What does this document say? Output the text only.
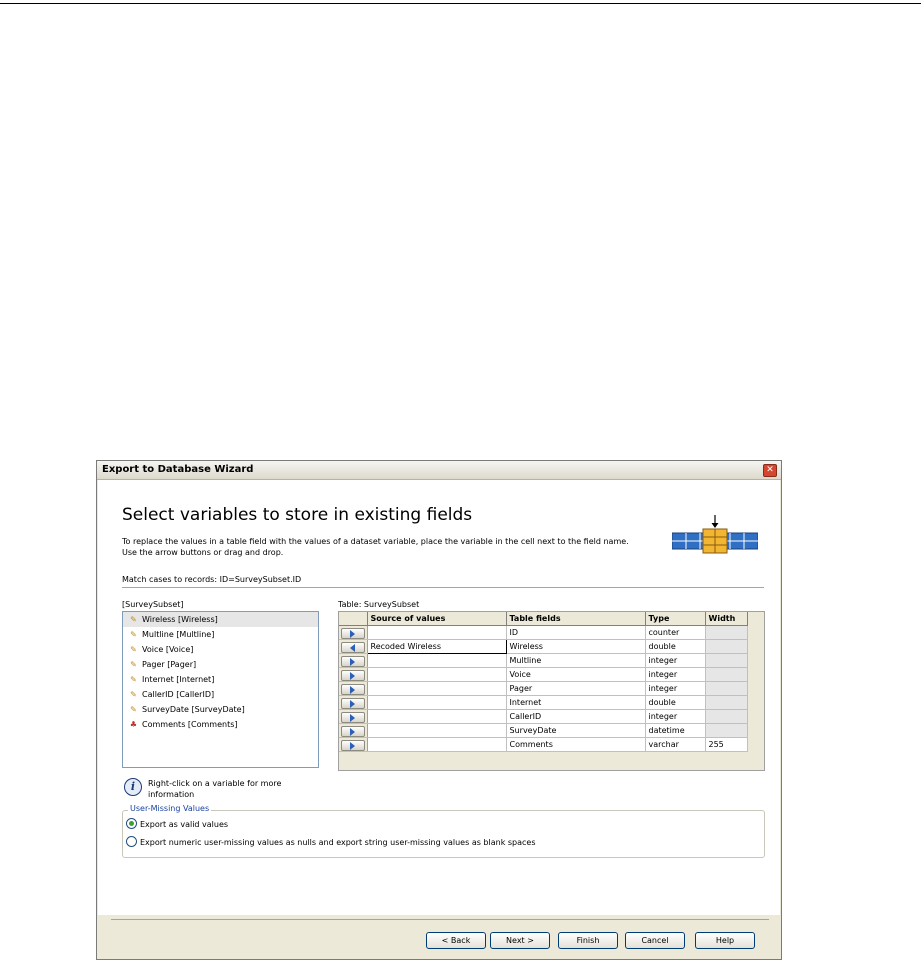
Export to Database Wizard	✕
Select variables to store in existing fields
To replace the values in a table field with the values of a dataset variable, place the variable in the cell next to the field name.
Use the arrow buttons or drag and drop.
Match cases to records: ID=SurveySubset.ID
[SurveySubset]
✎ Wireless [Wireless]
✎ Multline [Multline]
✎ Voice [Voice]
✎ Pager [Pager]
✎ Internet [Internet]
✎ CallerID [CallerID]
✎ SurveyDate [SurveyDate]
♣ Comments [Comments]
i	Right-click on a variable for more information
Table: SurveySubset
	Source of values	Table fields	Type	Width

		ID	counter	

	Recoded Wireless	Wireless	double	

		Multline	integer	

		Voice	integer	

		Pager	integer	

		Internet	double	

		CallerID	integer	

		SurveyDate	datetime	

		Comments	varchar	255
User-Missing Values
Export as valid values
Export numeric user-missing values as nulls and export string user-missing values as blank spaces
< Back	Next >	Finish	Cancel	Help
